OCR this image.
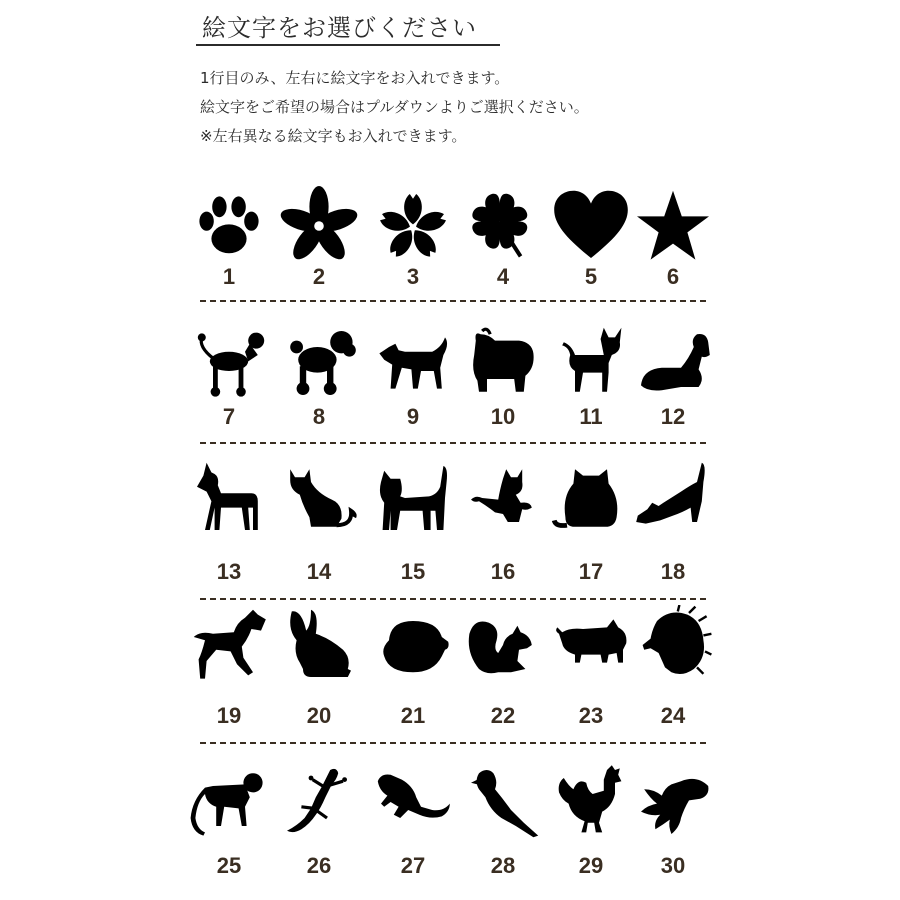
絵文字をお選びください
1行目のみ、左右に絵文字をお入れできます。
絵文字をご希望の場合はプルダウンよりご選択ください。
※左右異なる絵文字もお入れできます。
1	2	3	4	5	6
7	8	9	10	11	12
13	14	15	16	17	18
19	20	21	22	23	24
25	26	27	28	29	30
